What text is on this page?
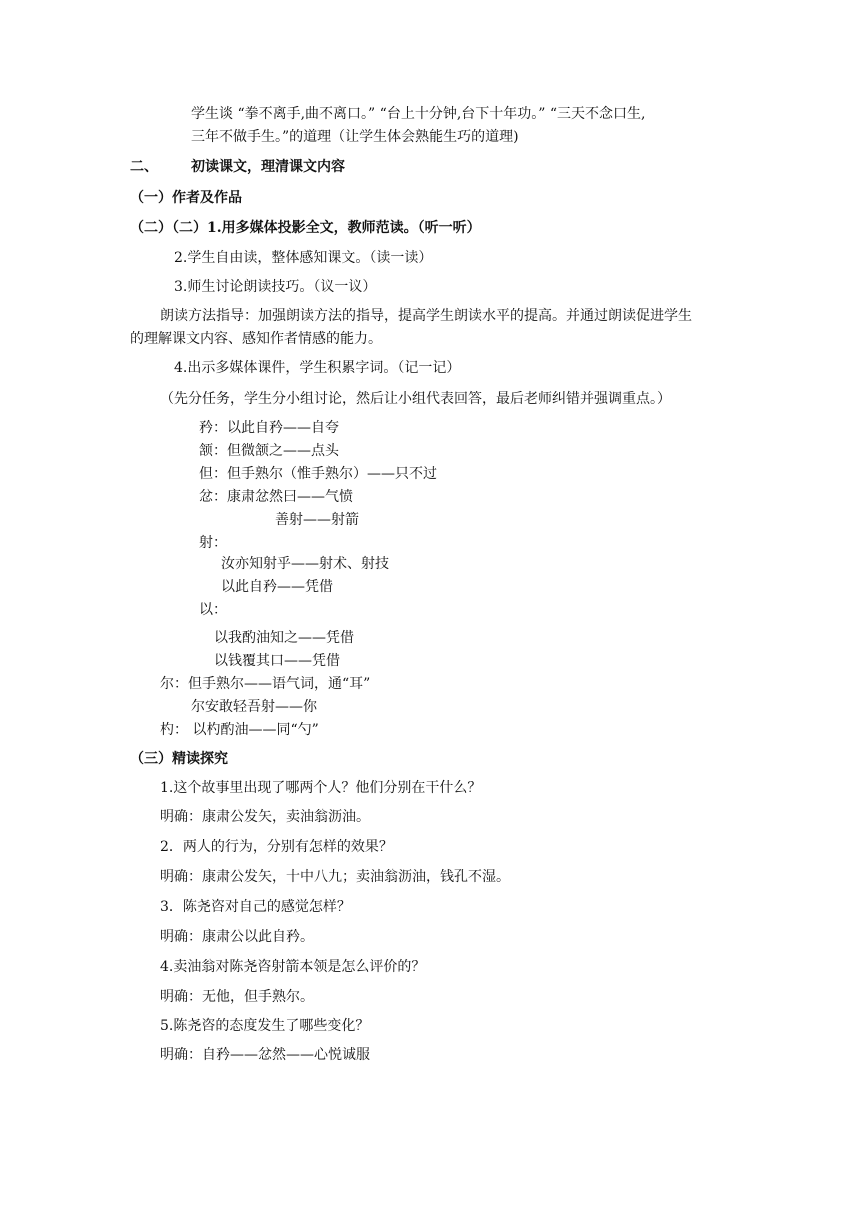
学生谈 “拳不离手,曲不离口。” “台上十分钟,台下十年功。” “三天不念口生,
三年不做手生。”的道理（让学生体会熟能生巧的道理)
二、 初读课文，理清课文内容
（一）作者及作品
（二）（二）1.用多媒体投影全文，教师范读。（听一听）
2.学生自由读，整体感知课文。（读一读）
3.师生讨论朗读技巧。（议一议）
朗读方法指导：加强朗读方法的指导，提高学生朗读水平的提高。并通过朗读促进学生
的理解课文内容、感知作者情感的能力。
4.出示多媒体课件，学生积累字词。（记一记）
（先分任务，学生分小组讨论，然后让小组代表回答，最后老师纠错并强调重点。）
矜：以此自矜——自夸
颔：但微颔之——点头
但：但手熟尔（惟手熟尔）——只不过
忿：康肃忿然曰——气愤
善射——射箭
射：
汝亦知射乎——射术、射技
以此自矜——凭借
以：
以我酌油知之——凭借
以钱覆其口——凭借
尔：但手熟尔——语气词，通“耳”
尔安敢轻吾射——你
杓： 以杓酌油——同“勺”
（三）精读探究
1.这个故事里出现了哪两个人？他们分别在干什么？
明确：康肃公发矢，卖油翁沥油。
2．两人的行为，分别有怎样的效果？
明确：康肃公发矢，十中八九；卖油翁沥油，钱孔不湿。
3．陈尧咨对自己的感觉怎样？
明确：康肃公以此自矜。
4.卖油翁对陈尧咨射箭本领是怎么评价的？
明确：无他，但手熟尔。
5.陈尧咨的态度发生了哪些变化？
明确：自矜——忿然——心悦诚服
